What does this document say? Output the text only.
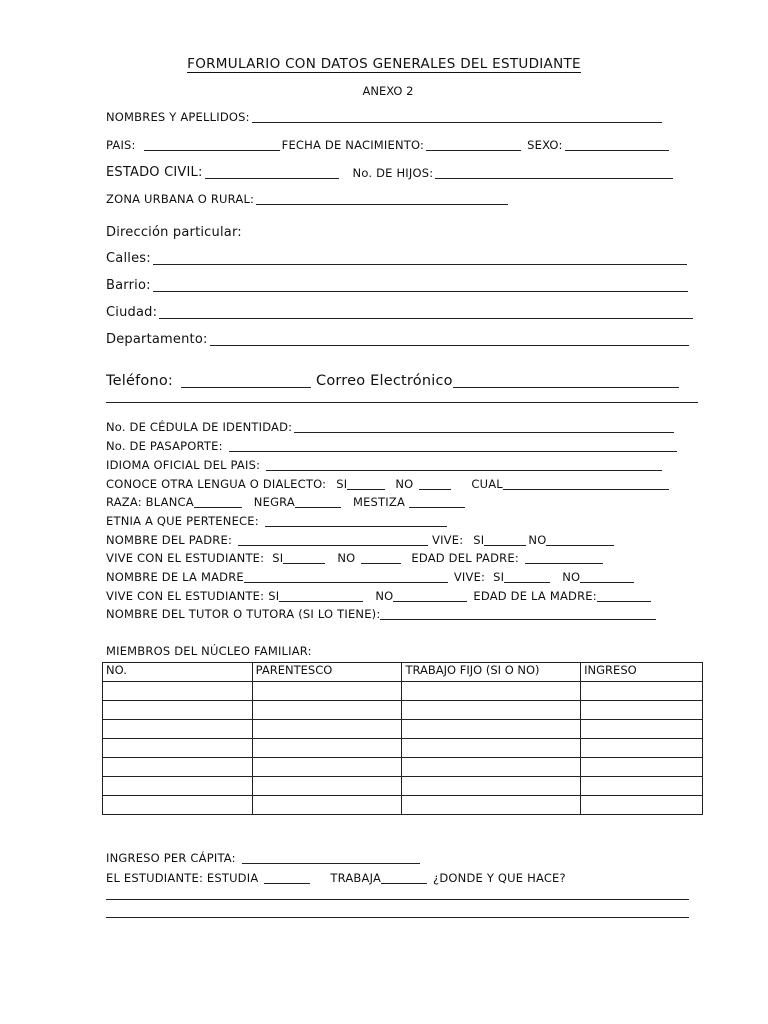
FORMULARIO CON DATOS GENERALES DEL ESTUDIANTE
ANEXO 2
NOMBRES Y APELLIDOS:
PAIS:	FECHA DE NACIMIENTO:	SEXO:
ESTADO CIVIL:	No. DE HIJOS:
ZONA URBANA O RURAL:
Dirección particular:
Calles:
Barrio:
Ciudad:
Departamento:
Teléfono:	Correo Electrónico
No. DE CÉDULA DE IDENTIDAD:
No. DE PASAPORTE:
IDIOMA OFICIAL DEL PAIS:
CONOCE OTRA LENGUA O DIALECTO: SI	NO	CUAL
RAZA: BLANCA	NEGRA	MESTIZA
ETNIA A QUE PERTENECE:
NOMBRE DEL PADRE:	VIVE: SI	NO
VIVE CON EL ESTUDIANTE: SI	NO	EDAD DEL PADRE:
NOMBRE DE LA MADRE	VIVE: SI	NO
VIVE CON EL ESTUDIANTE: SI	NO	EDAD DE LA MADRE:
NOMBRE DEL TUTOR O TUTORA (SI LO TIENE):
MIEMBROS DEL NÚCLEO FAMILIAR:
NO.	PARENTESCO	TRABAJO FIJO (SI O NO)	INGRESO

INGRESO PER CÁPITA:
EL ESTUDIANTE: ESTUDIA	TRABAJA	¿DONDE Y QUE HACE?
